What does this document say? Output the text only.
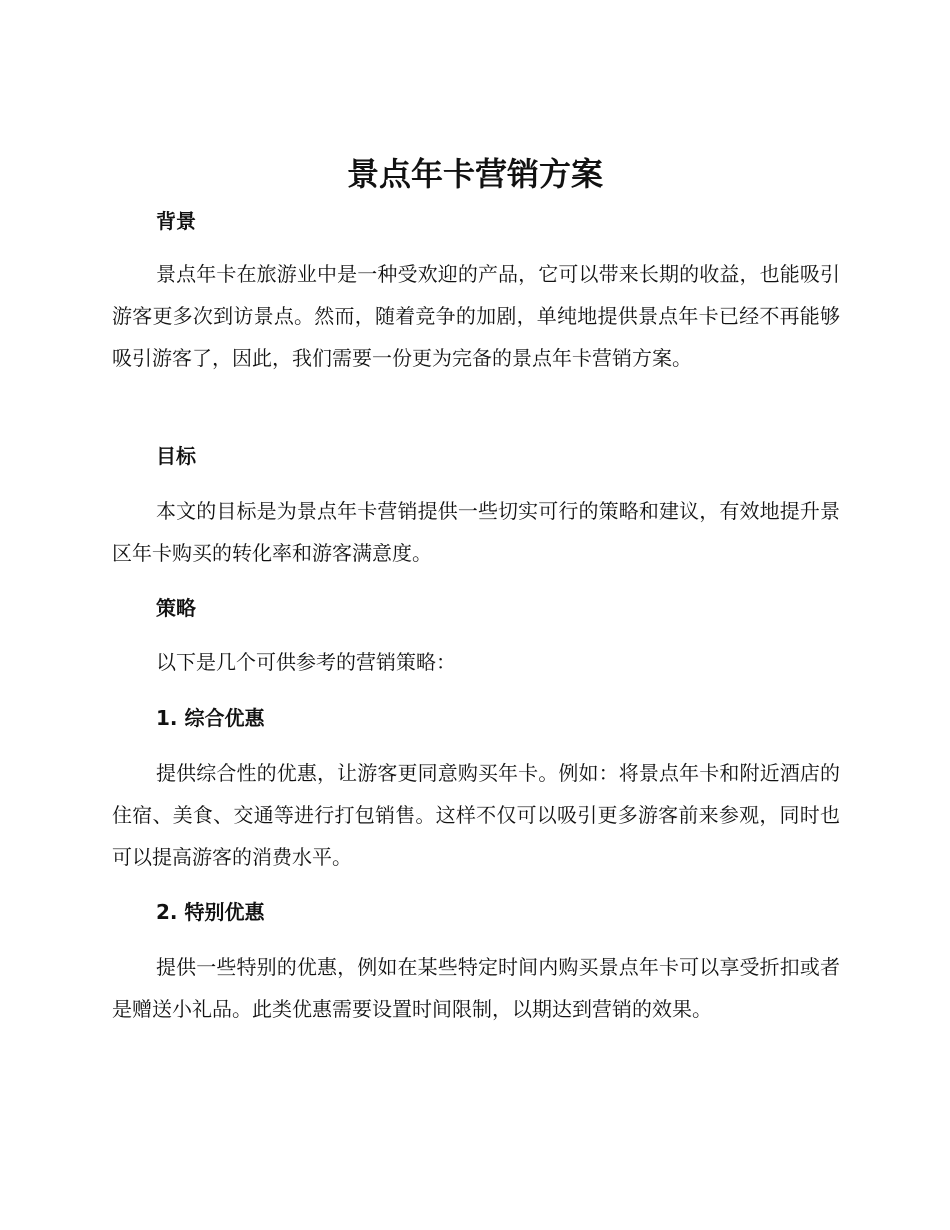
景点年卡营销方案
背景

景点年卡在旅游业中是一种受欢迎的产品，它可以带来长期的收益，也能吸引游客更多次到访景点。然而，随着竞争的加剧，单纯地提供景点年卡已经不再能够吸引游客了，因此，我们需要一份更为完备的景点年卡营销方案。

目标

本文的目标是为景点年卡营销提供一些切实可行的策略和建议，有效地提升景区年卡购买的转化率和游客满意度。

策略

以下是几个可供参考的营销策略：

1. 综合优惠

提供综合性的优惠，让游客更同意购买年卡。例如：将景点年卡和附近酒店的住宿、美食、交通等进行打包销售。这样不仅可以吸引更多游客前来参观，同时也可以提高游客的消费水平。

2. 特别优惠

提供一些特别的优惠，例如在某些特定时间内购买景点年卡可以享受折扣或者是赠送小礼品。此类优惠需要设置时间限制，以期达到营销的效果。
